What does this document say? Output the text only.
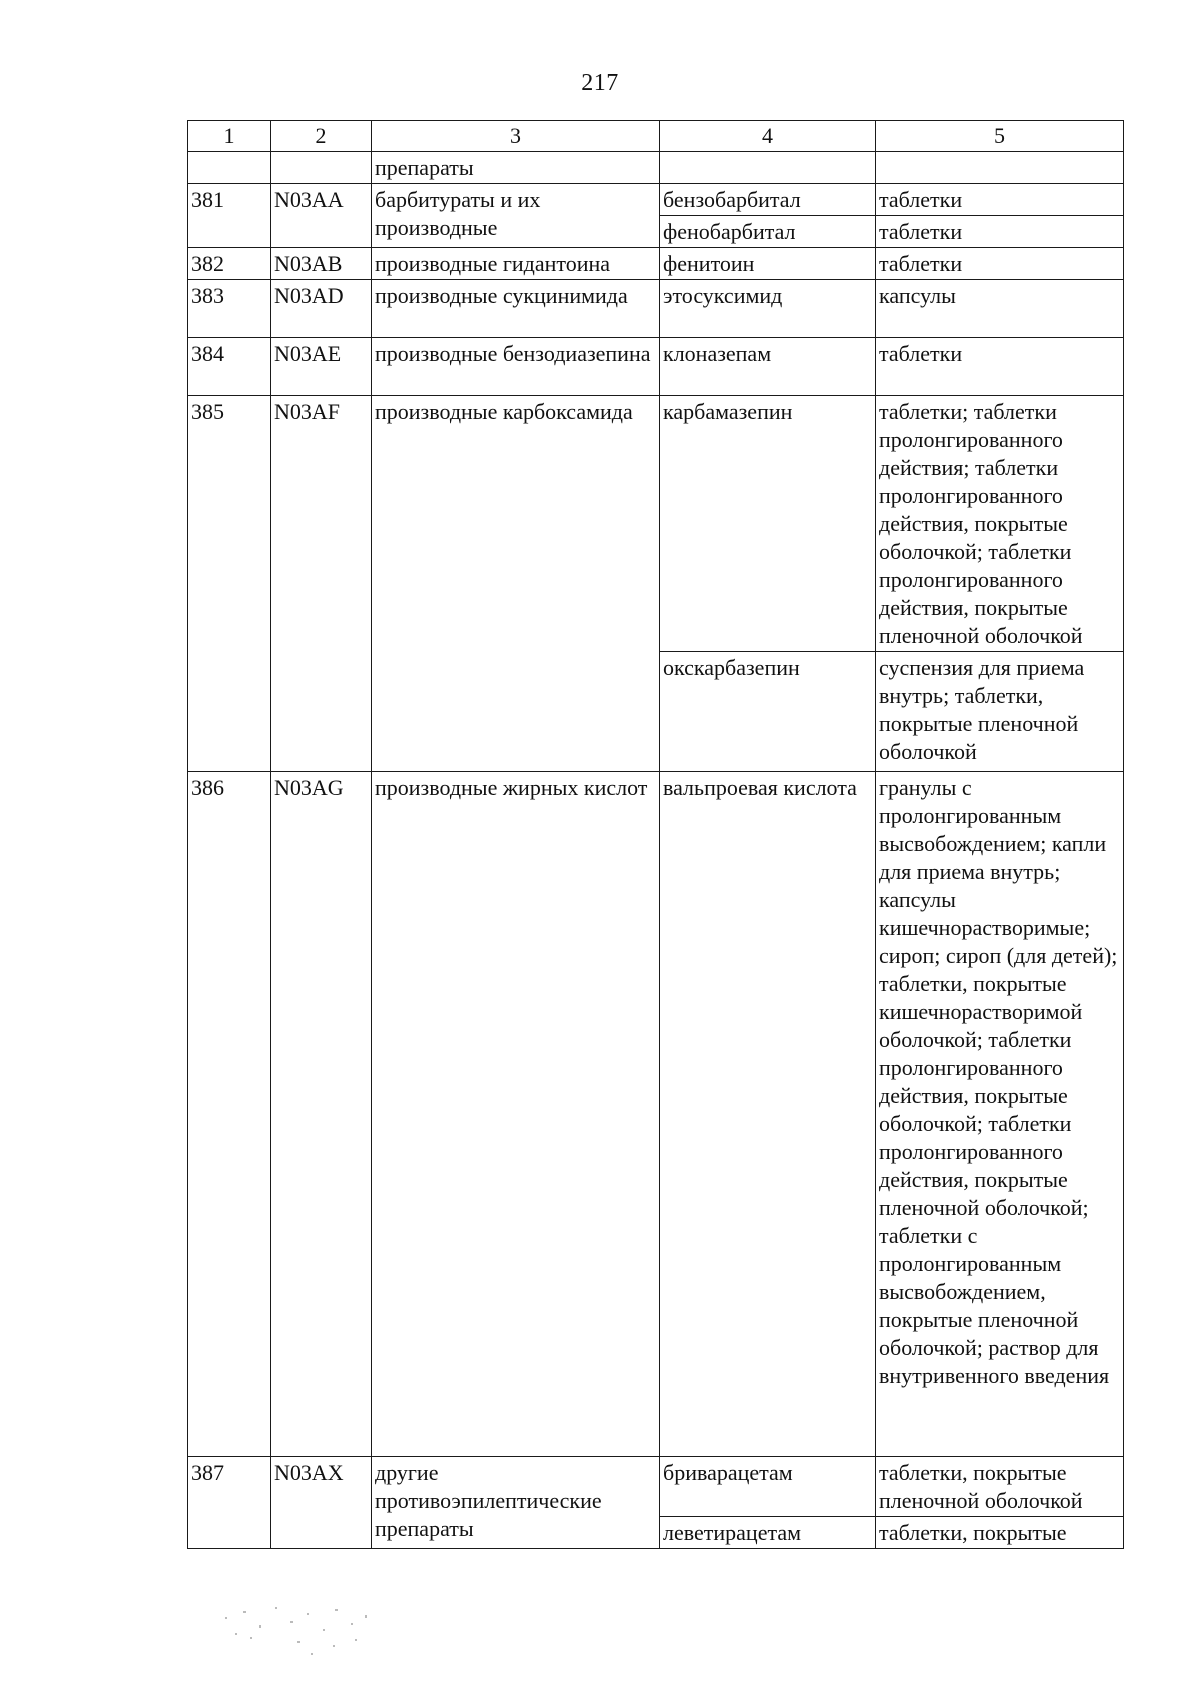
217
1	2	3	4	5
		препараты		
381	N03AA	барбитураты и их производные	бензобарбитал	таблетки
			фенобарбитал	таблетки
382	N03AB	производные гидантоина	фенитоин	таблетки
383	N03AD	производные сукцинимида	этосуксимид	капсулы
384	N03AE	производные бензодиазепина	клоназепам	таблетки
385	N03AF	производные карбоксамида	карбамазепин	таблетки; таблетки пролонгированного действия; таблетки пролонгированного действия, покрытые оболочкой; таблетки пролонгированного действия, покрытые пленочной оболочкой
			окскарбазепин	суспензия для приема внутрь; таблетки, покрытые пленочной оболочкой
386	N03AG	производные жирных кислот	вальпроевая кислота	гранулы с пролонгированным высвобождением; капли для приема внутрь; капсулы кишечнорастворимые; сироп; сироп (для детей); таблетки, покрытые кишечнорастворимой оболочкой; таблетки пролонгированного действия, покрытые оболочкой; таблетки пролонгированного действия, покрытые пленочной оболочкой; таблетки с пролонгированным высвобождением, покрытые пленочной оболочкой; раствор для внутривенного введения
387	N03AX	другие противоэпилептические препараты	бриварацетам	таблетки, покрытые пленочной оболочкой
			леветирацетам	таблетки, покрытые
